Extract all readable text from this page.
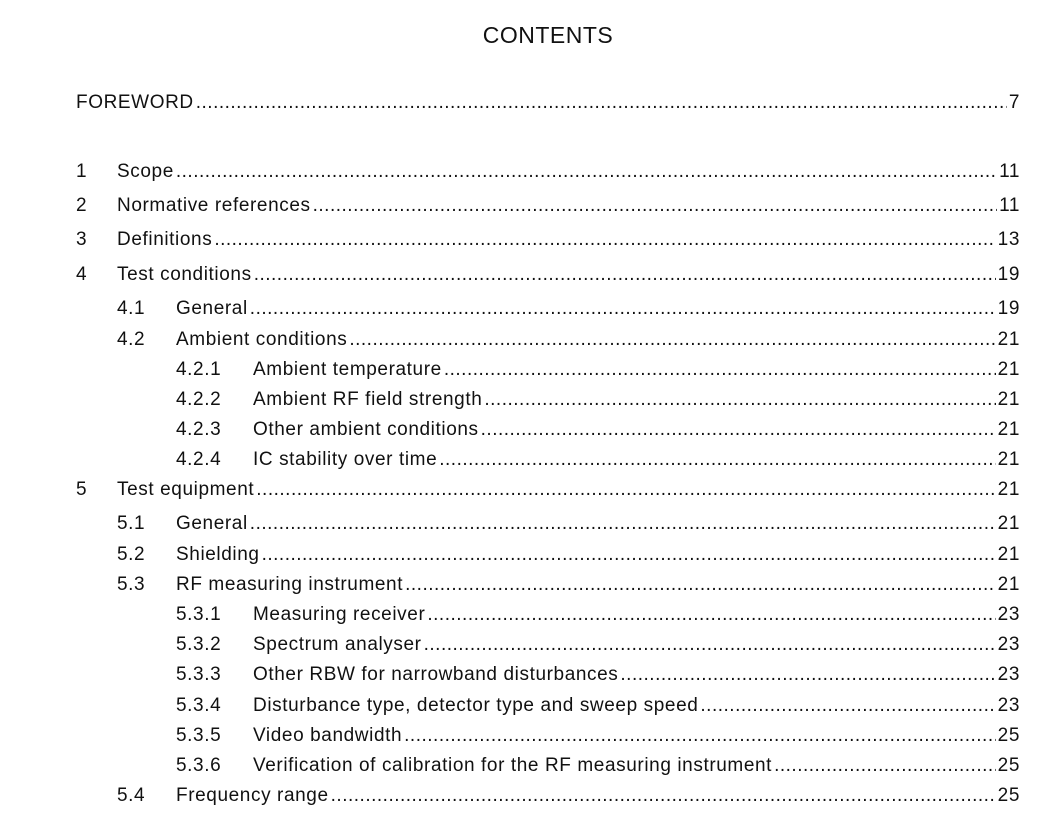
CONTENTS
FOREWORD .....	7
1	Scope .....	11
2	Normative references .....	11
3	Definitions .....	13
4	Test conditions .....	19
4.1	General .....	19
4.2	Ambient conditions .....	21
4.2.1	Ambient temperature .....	21
4.2.2	Ambient RF field strength .....	21
4.2.3	Other ambient conditions .....	21
4.2.4	IC stability over time .....	21
5	Test equipment .....	21
5.1	General .....	21
5.2	Shielding .....	21
5.3	RF measuring instrument .....	21
5.3.1	Measuring receiver .....	23
5.3.2	Spectrum analyser .....	23
5.3.3	Other RBW for narrowband disturbances .....	23
5.3.4	Disturbance type, detector type and sweep speed .....	23
5.3.5	Video bandwidth .....	25
5.3.6	Verification of calibration for the RF measuring instrument .....	25
5.4	Frequency range .....	25
